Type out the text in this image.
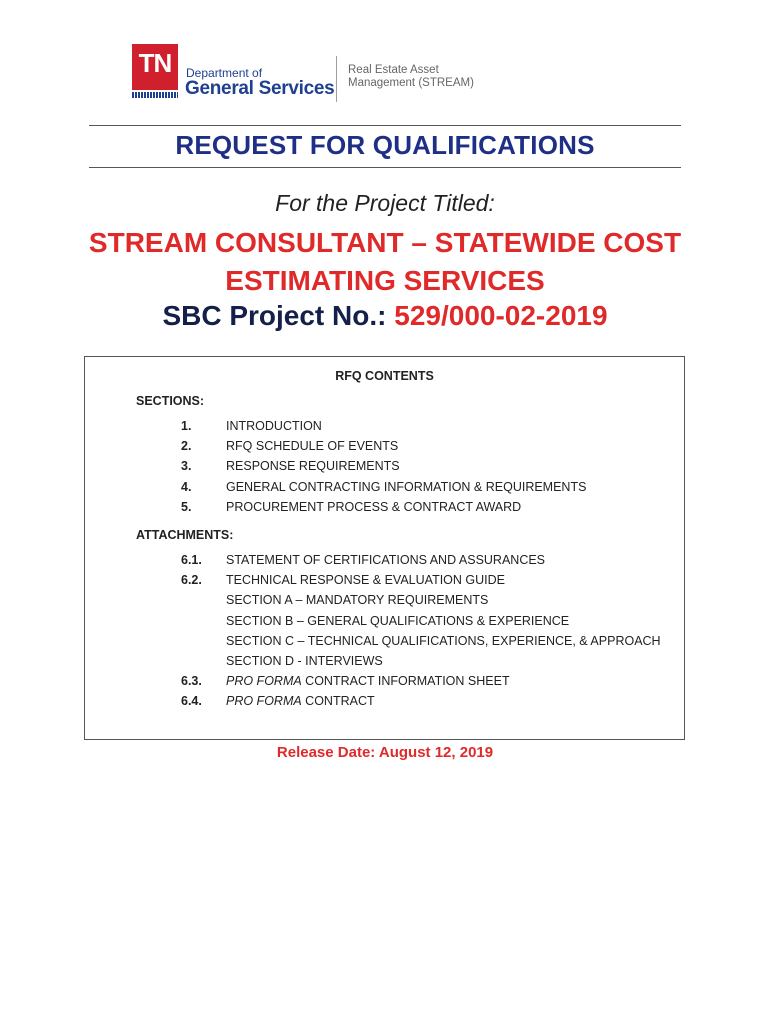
TN	Department of
General Services
Real Estate Asset
Management (STREAM)
REQUEST FOR QUALIFICATIONS
For the Project Titled:
STREAM CONSULTANT – STATEWIDE COST
ESTIMATING SERVICES
SBC Project No.: 529/000-02-2019
RFQ CONTENTS
SECTIONS:
1.	INTRODUCTION
2.	RFQ SCHEDULE OF EVENTS
3.	RESPONSE REQUIREMENTS
4.	GENERAL CONTRACTING INFORMATION & REQUIREMENTS
5.	PROCUREMENT PROCESS & CONTRACT AWARD
ATTACHMENTS:
6.1. STATEMENT OF CERTIFICATIONS AND ASSURANCES
6.2. TECHNICAL RESPONSE & EVALUATION GUIDE
SECTION A – MANDATORY REQUIREMENTS
SECTION B – GENERAL QUALIFICATIONS & EXPERIENCE
SECTION C – TECHNICAL QUALIFICATIONS, EXPERIENCE, & APPROACH
SECTION D - INTERVIEWS
6.3. PRO FORMA CONTRACT INFORMATION SHEET
6.4. PRO FORMA CONTRACT
Release Date: August 12, 2019
